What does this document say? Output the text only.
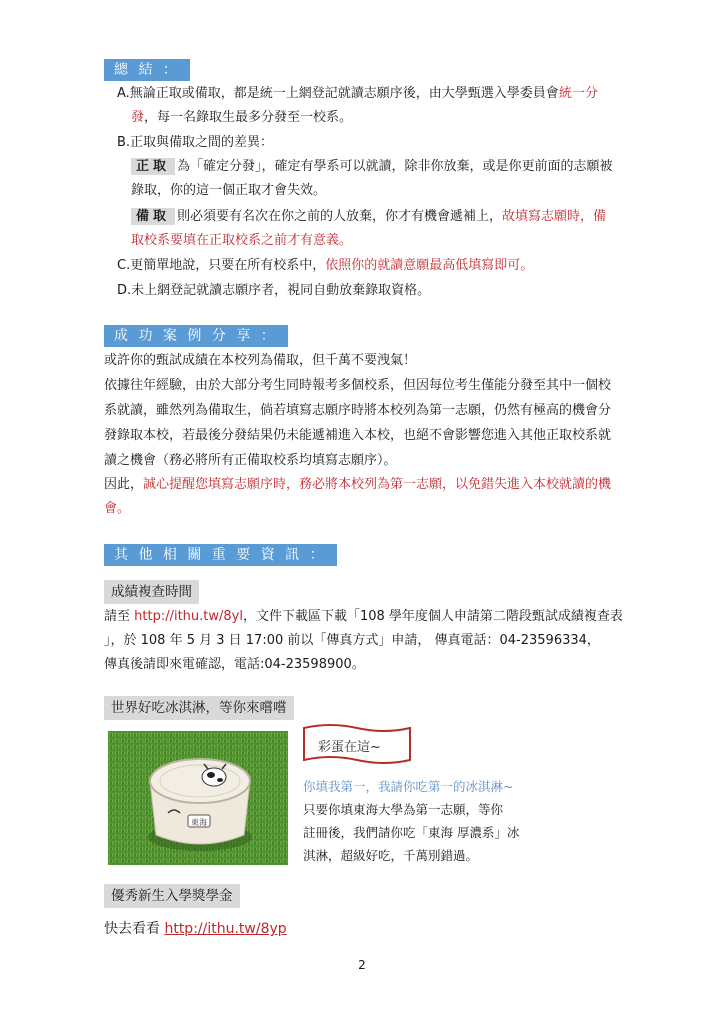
總 結 ：
A.無論正取或備取，都是統一上網登記就讀志願序後，由大學甄選入學委員會統一分
發，每一名錄取生最多分發至一校系。
B.正取與備取之間的差異：
正取 為「確定分發」，確定有學系可以就讀，除非你放棄，或是你更前面的志願被
錄取，你的這一個正取才會失效。
備取 則必須要有名次在你之前的人放棄，你才有機會遞補上，故填寫志願時，備
取校系要填在正取校系之前才有意義。
C.更簡單地說，只要在所有校系中，依照你的就讀意願最高低填寫即可。
D.未上網登記就讀志願序者，視同自動放棄錄取資格。
成 功 案 例 分 享 ：
或許你的甄試成績在本校列為備取，但千萬不要洩氣！
依據往年經驗，由於大部分考生同時報考多個校系，但因每位考生僅能分發至其中一個校
系就讀，雖然列為備取生，倘若填寫志願序時將本校列為第一志願，仍然有極高的機會分
發錄取本校，若最後分發結果仍未能遞補進入本校，也絕不會影響您進入其他正取校系就
讀之機會（務必將所有正備取校系均填寫志願序）。
因此，誠心提醒您填寫志願序時，務必將本校列為第一志願，以免錯失進入本校就讀的機
會。
其 他 相 關 重 要 資 訊 ：
成績複查時間
請至 http://ithu.tw/8yl，文件下載區下載「108 學年度個人申請第二階段甄試成績複查表
」，於 108 年 5 月 3 日 17:00 前以「傳真方式」申請， 傳真電話：04-23596334，
傳真後請即來電確認，電話:04-23598900。
世界好吃冰淇淋，等你來嚐嚐
東海
彩蛋在這~
你填我第一，我請你吃第一的冰淇淋~
只要你填東海大學為第一志願，等你
註冊後，我們請你吃「東海 厚濃系」冰
淇淋，超級好吃，千萬別錯過。
優秀新生入學獎學金
快去看看 http://ithu.tw/8yp
2
